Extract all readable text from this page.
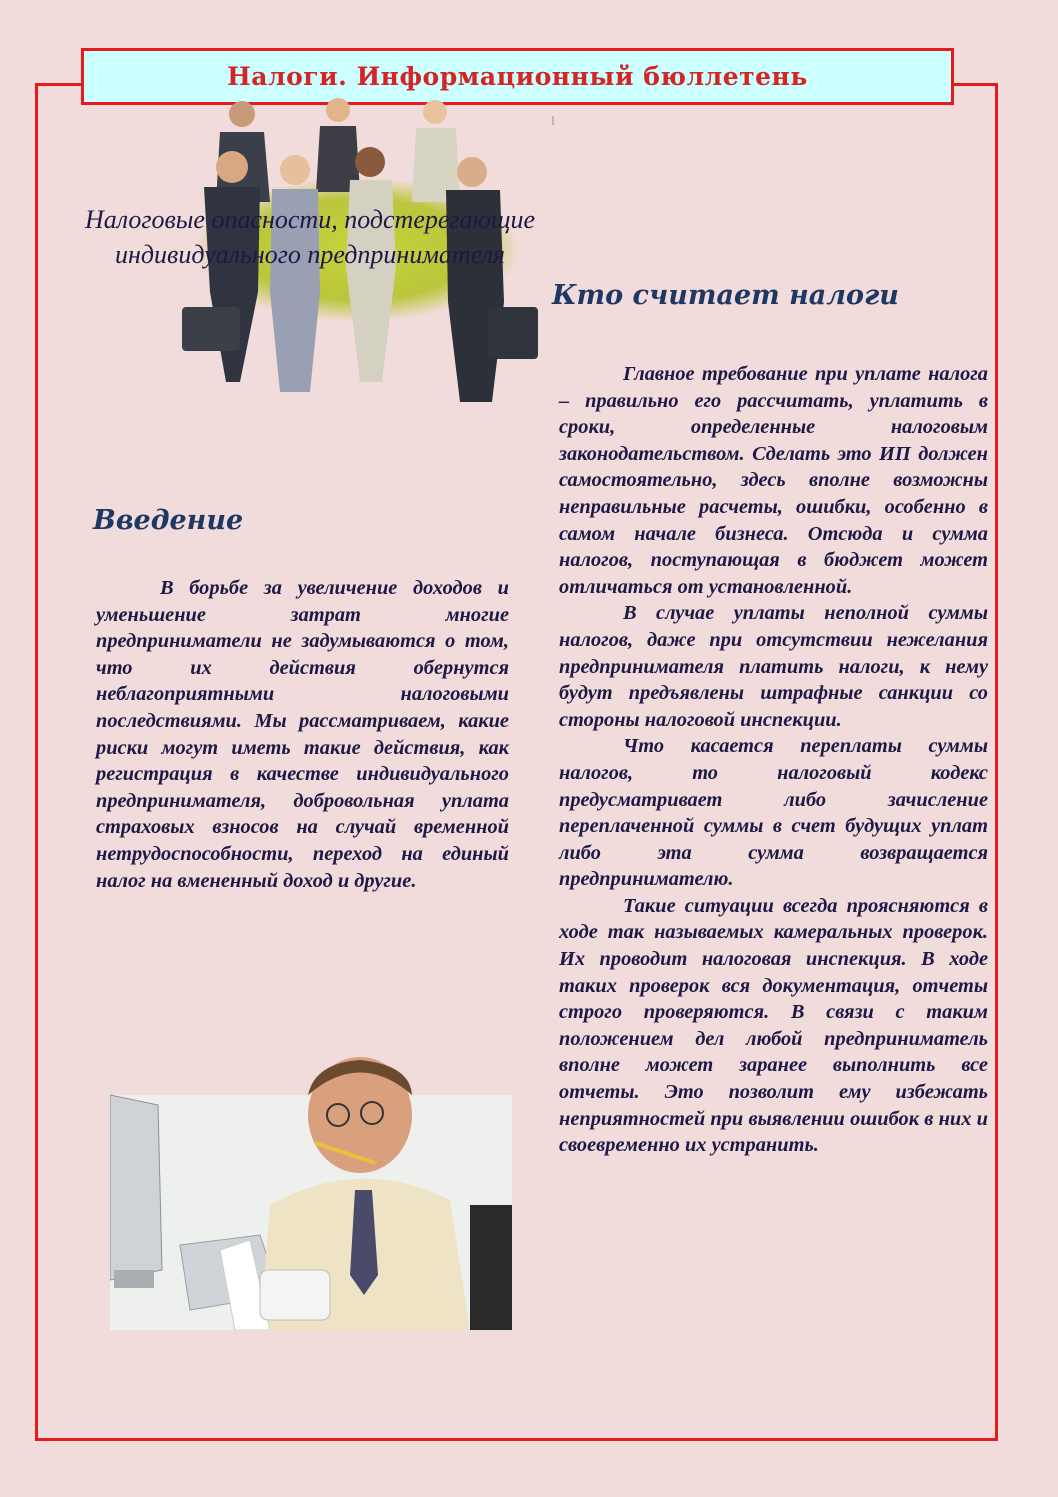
Налоги. Информационный бюллетень
Налоговые опасности, подстерегающие
индивидуального предпринимателя
Кто считает налоги

Главное требование при уплате налога – правильно его рассчитать, уплатить в сроки, определенные налоговым законодательством. Сделать это ИП должен самостоятельно, здесь вполне возможны неправильные расчеты, ошибки, особенно в самом начале бизнеса. Отсюда и сумма налогов, поступающая в бюджет может отличаться от установленной.

В случае уплаты неполной суммы налогов, даже при отсутствии нежелания предпринимателя платить налоги, к нему будут предъявлены штрафные санкции со стороны налоговой инспекции.

Что касается переплаты суммы налогов, то налоговый кодекс предусматривает либо зачисление переплаченной суммы в счет будущих уплат либо эта сумма возвращается предпринимателю.

Такие ситуации всегда проясняются в ходе так называемых камеральных проверок. Их проводит налоговая инспекция. В ходе таких проверок вся документация, отчеты строго проверяются. В связи с таким положением дел любой предприниматель вполне может заранее выполнить все отчеты. Это позволит ему избежать неприятностей при выявлении ошибок в них и своевременно их устранить.

Введение

В борьбе за увеличение доходов и уменьшение затрат многие предприниматели не задумываются о том, что их действия обернутся неблагоприятными налоговыми последствиями. Мы рассматриваем, какие риски могут иметь такие действия, как регистрация в качестве индивидуального предпринимателя, добровольная уплата страховых взносов на случай временной нетрудоспособности, переход на единый налог на вмененный доход и другие.
